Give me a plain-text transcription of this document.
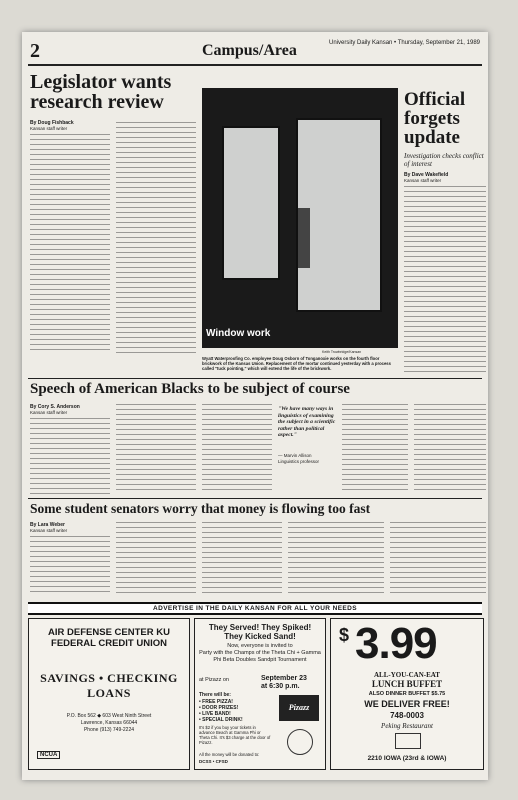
2	Campus/Area	University Daily Kansan • Thursday, September 21, 1989
Legislator wants research review
By Doug Fishback
Kansan staff writer
Window work
Keith Trowbridge/Kansan
Wyatt Waterproofing Co. employee Doug Osborn of Tonganoxie works on the fourth floor brickwork of the Kansas Union. Replacement of the mortar continued yesterday with a process called "tuck pointing," which will extend the life of the brickwork.
Official forgets update
Investigation checks conflict of interest
By Dave Wakefield
Kansan staff writer
Speech of American Blacks to be subject of course
By Cory S. Anderson
Kansan staff writer
"We have many ways in linguistics of examining the subject in a scientific rather than political aspect."
— Marvin Allison
Linguistics professor
Some student senators worry that money is flowing too fast
By Lara Weber
Kansan staff writer
ADVERTISE IN THE DAILY KANSAN FOR ALL YOUR NEEDS
AIR DEFENSE CENTER KU FEDERAL CREDIT UNION
SAVINGS • CHECKING LOANS
P.O. Box 562 ◆ 603 West Ninth Street
Lawrence, Kansas 66044
Phone (913) 749-2224
NCUA
They Served! They Spiked! They Kicked Sand!
Now, everyone is invited to
Party with the Champs of the Theta Chi + Gamma Phi Beta Doubles Sandpit Tournament
at Pizazz on	September 23
at 6:30 p.m.
There will be:
• FREE PIZZA!
• DOOR PRIZES!
• LIVE BAND!
• SPECIAL DRINK!
It's $2 if you buy your tickets in advance Beach at Gamma Phi or Theta Chi. It's $3 charge at the door of Pizazz.
All the money will be donated to:
DCSS • CFSD
Pizazz
$ 3.99
ALL-YOU-CAN-EAT
LUNCH BUFFET
ALSO DINNER BUFFET $5.75
WE DELIVER FREE!
748-0003
Peking Restaurant
2210 IOWA (23rd & IOWA)
